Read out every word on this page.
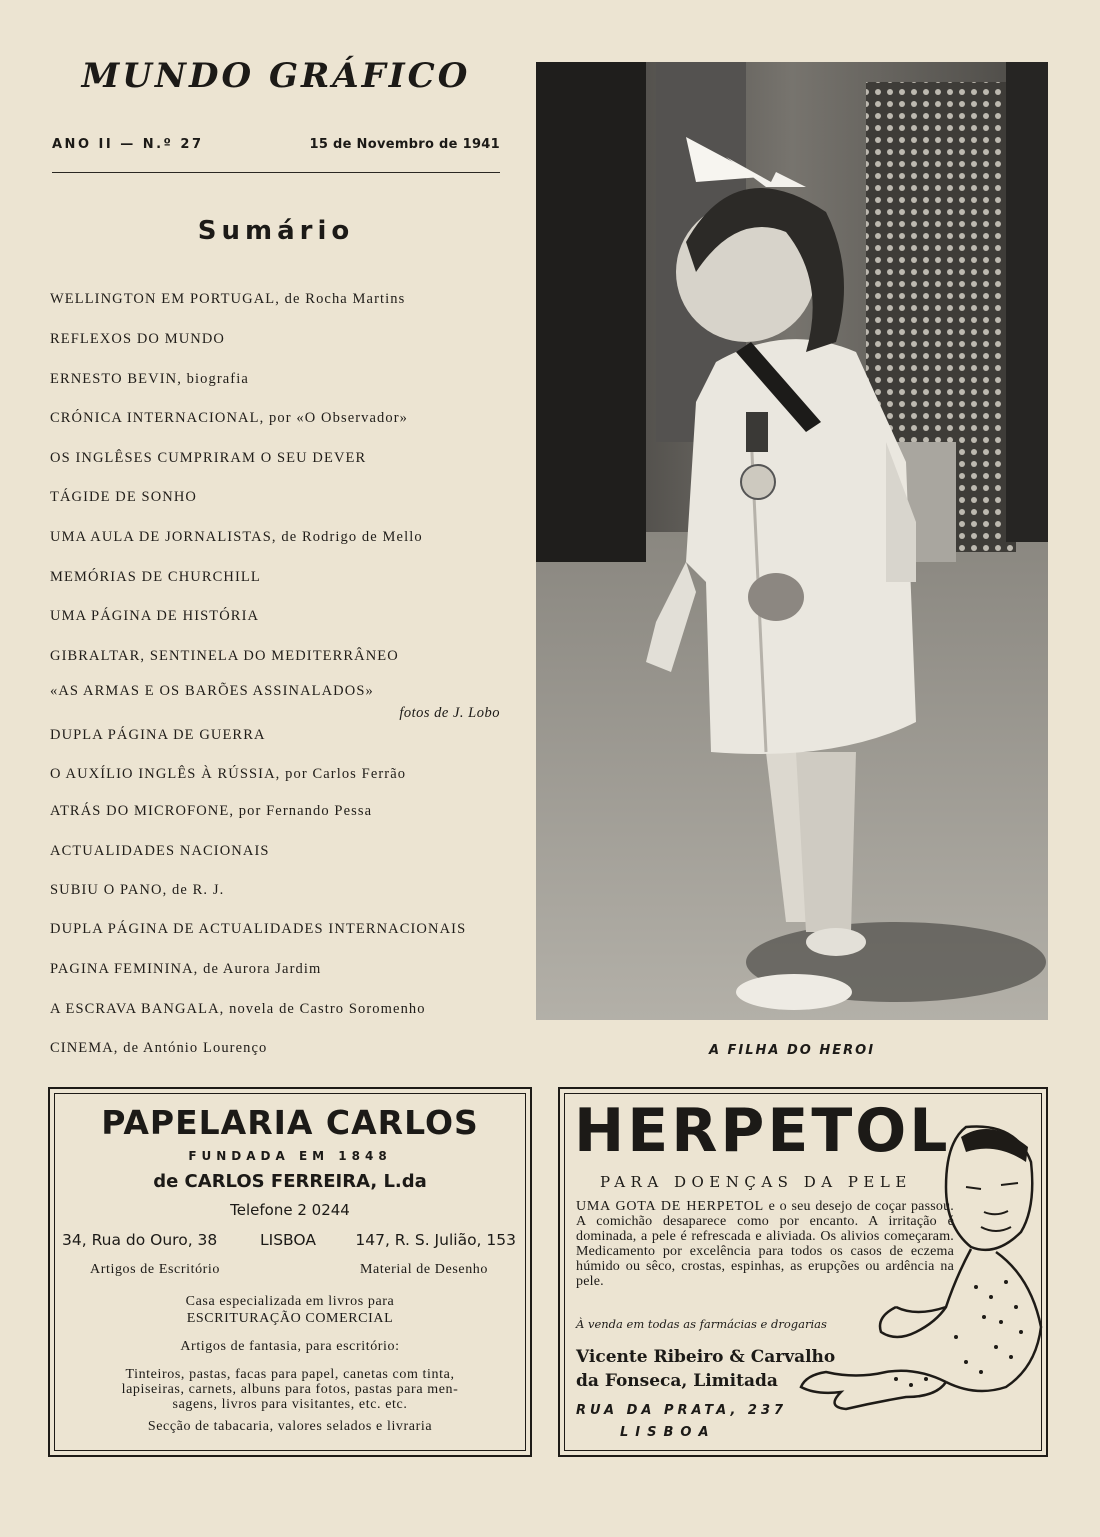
MUNDO GRÁFICO
ANO II — N.º 27	15 de Novembro de 1941
Sumário
WELLINGTON EM PORTUGAL, de Rocha Martins
REFLEXOS DO MUNDO
ERNESTO BEVIN, biografia
CRÓNICA INTERNACIONAL, por «O Observador»
OS INGLÊSES CUMPRIRAM O SEU DEVER
TÁGIDE DE SONHO
UMA AULA DE JORNALISTAS, de Rodrigo de Mello
MEMÓRIAS DE CHURCHILL
UMA PÁGINA DE HISTÓRIA
GIBRALTAR, SENTINELA DO MEDITERRÂNEO
«AS ARMAS E OS BARÕES ASSINALADOS»
fotos de J. Lobo
DUPLA PÁGINA DE GUERRA
O AUXÍLIO INGLÊS À RÚSSIA, por Carlos Ferrão
ATRÁS DO MICROFONE, por Fernando Pessa
ACTUALIDADES NACIONAIS
SUBIU O PANO, de R. J.
DUPLA PÁGINA DE ACTUALIDADES INTERNACIONAIS
PAGINA FEMININA, de Aurora Jardim
A ESCRAVA BANGALA, novela de Castro Soromenho
CINEMA, de António Lourenço	A FILHA DO HEROI
PAPELARIA CARLOS
FUNDADA EM 1848
de CARLOS FERREIRA, L.da
Telefone 2 0244
34, Rua do Ouro, 38	LISBOA	147, R. S. Julião, 153
Artigos de Escritório	Material de Desenho
Casa especializada em livros para
ESCRITURAÇÃO COMERCIAL
Artigos de fantasia, para escritório:
Tinteiros, pastas, facas para papel, canetas com tinta,
lapiseiras, carnets, albuns para fotos, pastas para men-
sagens, livros para visitantes, etc. etc.
Secção de tabacaria, valores selados e livraria
HERPETOL
PARA DOENÇAS DA PELE
UMA GOTA DE HERPETOL e o seu desejo de coçar passou. A comichão desaparece como por encanto. A irritação é dominada, a pele é refrescada e aliviada. Os alivios começaram. Medicamento por excelência para todos os casos de eczema húmido ou sêco, crostas, espinhas, as erupções ou ardência na pele.
À venda em todas as farmácias e drogarias
Vicente Ribeiro & Carvalho
da Fonseca, Limitada
RUA DA PRATA, 237
LISBOA
